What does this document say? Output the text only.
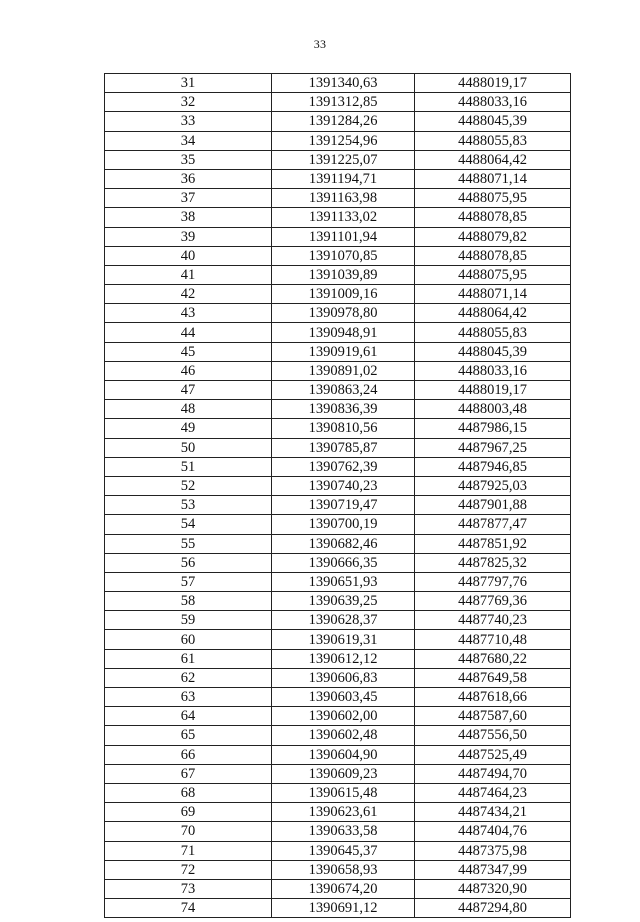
33
31	1391340,63	4488019,17
32	1391312,85	4488033,16
33	1391284,26	4488045,39
34	1391254,96	4488055,83
35	1391225,07	4488064,42
36	1391194,71	4488071,14
37	1391163,98	4488075,95
38	1391133,02	4488078,85
39	1391101,94	4488079,82
40	1391070,85	4488078,85
41	1391039,89	4488075,95
42	1391009,16	4488071,14
43	1390978,80	4488064,42
44	1390948,91	4488055,83
45	1390919,61	4488045,39
46	1390891,02	4488033,16
47	1390863,24	4488019,17
48	1390836,39	4488003,48
49	1390810,56	4487986,15
50	1390785,87	4487967,25
51	1390762,39	4487946,85
52	1390740,23	4487925,03
53	1390719,47	4487901,88
54	1390700,19	4487877,47
55	1390682,46	4487851,92
56	1390666,35	4487825,32
57	1390651,93	4487797,76
58	1390639,25	4487769,36
59	1390628,37	4487740,23
60	1390619,31	4487710,48
61	1390612,12	4487680,22
62	1390606,83	4487649,58
63	1390603,45	4487618,66
64	1390602,00	4487587,60
65	1390602,48	4487556,50
66	1390604,90	4487525,49
67	1390609,23	4487494,70
68	1390615,48	4487464,23
69	1390623,61	4487434,21
70	1390633,58	4487404,76
71	1390645,37	4487375,98
72	1390658,93	4487347,99
73	1390674,20	4487320,90
74	1390691,12	4487294,80
